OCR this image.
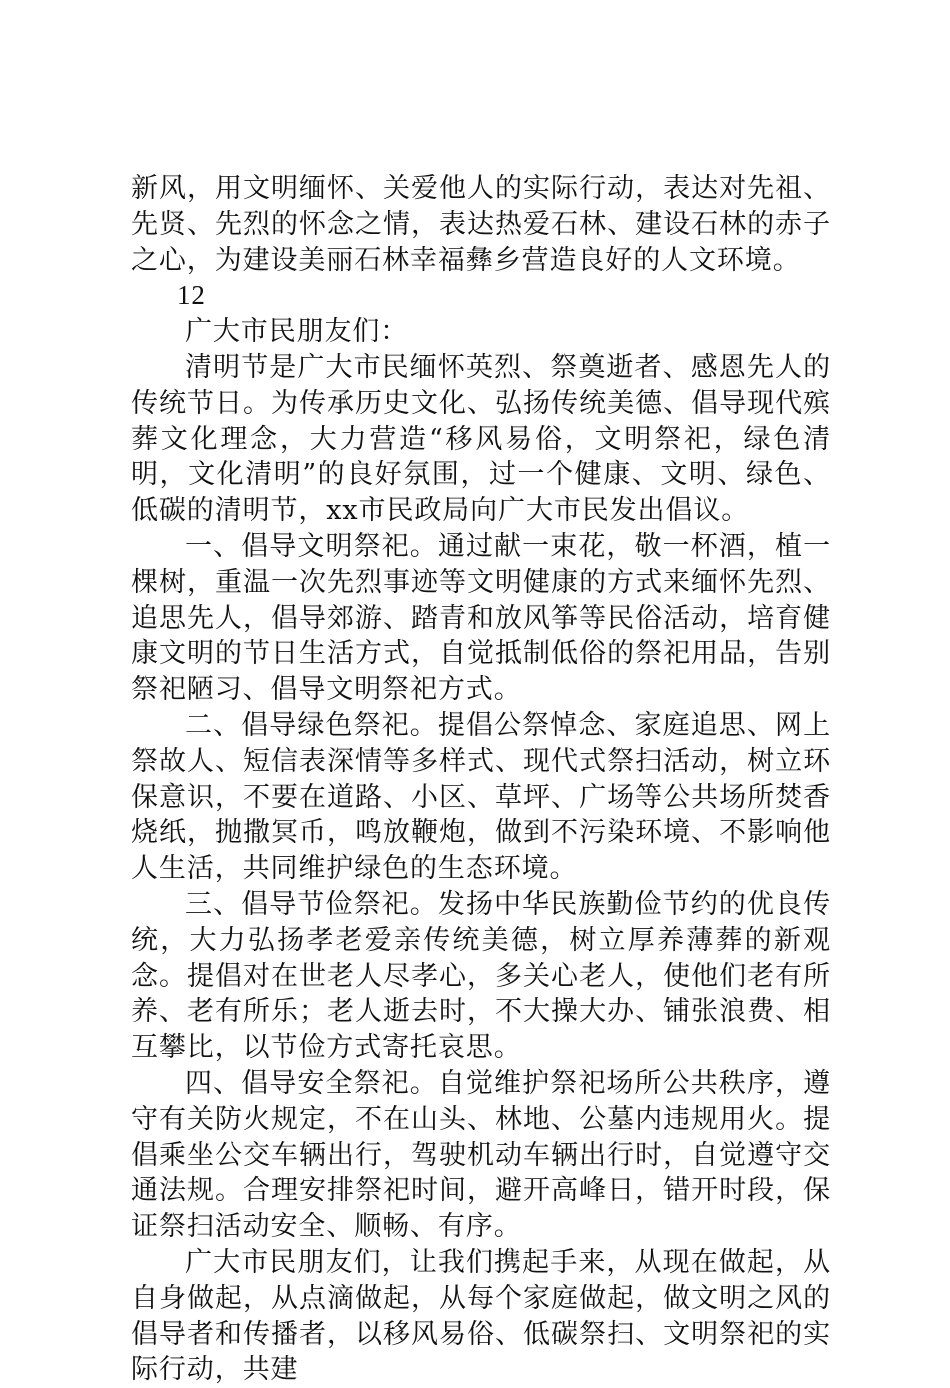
新风，用文明缅怀、关爱他人的实际行动，表达对先祖、先贤、先烈的怀念之情，表达热爱石林、建设石林的赤子之心，为建设美丽石林幸福彝乡营造良好的人文环境。

12

广大市民朋友们：

清明节是广大市民缅怀英烈、祭奠逝者、感恩先人的传统节日。为传承历史文化、弘扬传统美德、倡导现代殡葬文化理念，大力营造“移风易俗，文明祭祀，绿色清明，文化清明”的良好氛围，过一个健康、文明、绿色、低碳的清明节，xx市民政局向广大市民发出倡议。

一、倡导文明祭祀。通过献一束花，敬一杯酒，植一棵树，重温一次先烈事迹等文明健康的方式来缅怀先烈、追思先人，倡导郊游、踏青和放风筝等民俗活动，培育健康文明的节日生活方式，自觉抵制低俗的祭祀用品，告别祭祀陋习、倡导文明祭祀方式。

二、倡导绿色祭祀。提倡公祭悼念、家庭追思、网上祭故人、短信表深情等多样式、现代式祭扫活动，树立环保意识，不要在道路、小区、草坪、广场等公共场所焚香烧纸，抛撒冥币，鸣放鞭炮，做到不污染环境、不影响他人生活，共同维护绿色的生态环境。

三、倡导节俭祭祀。发扬中华民族勤俭节约的优良传统，大力弘扬孝老爱亲传统美德，树立厚养薄葬的新观念。提倡对在世老人尽孝心，多关心老人，使他们老有所养、老有所乐；老人逝去时，不大操大办、铺张浪费、相互攀比，以节俭方式寄托哀思。

四、倡导安全祭祀。自觉维护祭祀场所公共秩序，遵守有关防火规定，不在山头、林地、公墓内违规用火。提倡乘坐公交车辆出行，驾驶机动车辆出行时，自觉遵守交通法规。合理安排祭祀时间，避开高峰日，错开时段，保证祭扫活动安全、顺畅、有序。

广大市民朋友们，让我们携起手来，从现在做起，从自身做起，从点滴做起，从每个家庭做起，做文明之风的倡导者和传播者，以移风易俗、低碳祭扫、文明祭祀的实际行动，共建
